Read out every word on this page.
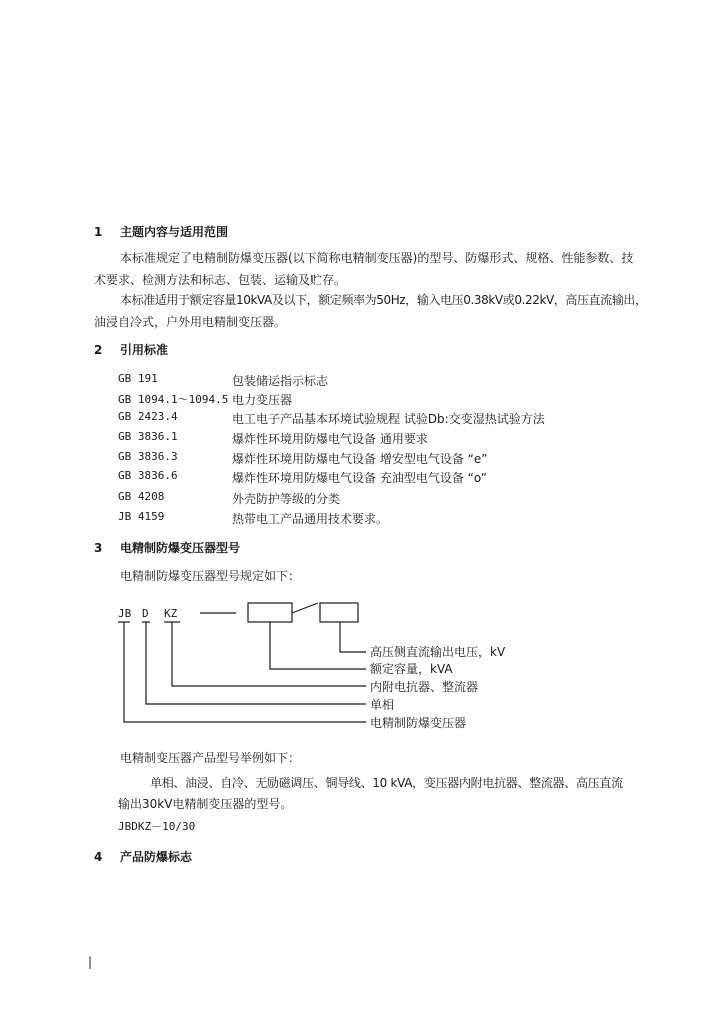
1 主题内容与适用范围
本标准规定了电精制防爆变压器(以下简称电精制变压器)的型号、防爆形式、规格、性能参数、技
术要求、检测方法和标志、包装、运输及贮存。
本标准适用于额定容量10kVA及以下，额定频率为50Hz，输入电压0.38kV或0.22kV，高压直流输出，
油浸自冷式，户外用电精制变压器。
2 引用标准
GB 191	包装储运指示标志
GB 1094.1～1094.5 电力变压器
GB 2423.4	电工电子产品基本环境试验规程 试验Db:交变湿热试验方法
GB 3836.1	爆炸性环境用防爆电气设备 通用要求
GB 3836.3	爆炸性环境用防爆电气设备 增安型电气设备 “e”
GB 3836.6	爆炸性环境用防爆电气设备 充油型电气设备 “o”
GB 4208	外壳防护等级的分类
JB 4159	热带电工产品通用技术要求。
3 电精制防爆变压器型号
电精制防爆变压器型号规定如下：
JB D KZ
高压侧直流输出电压，kV
额定容量，kVA
内附电抗器、整流器
单相
电精制防爆变压器
电精制变压器产品型号举例如下：
单相、油浸、自冷、无励磁调压、铜导线、10 kVA，变压器内附电抗器、整流器、高压直流
输出30kV电精制变压器的型号。
JBDKZ－10/30
4 产品防爆标志
|
